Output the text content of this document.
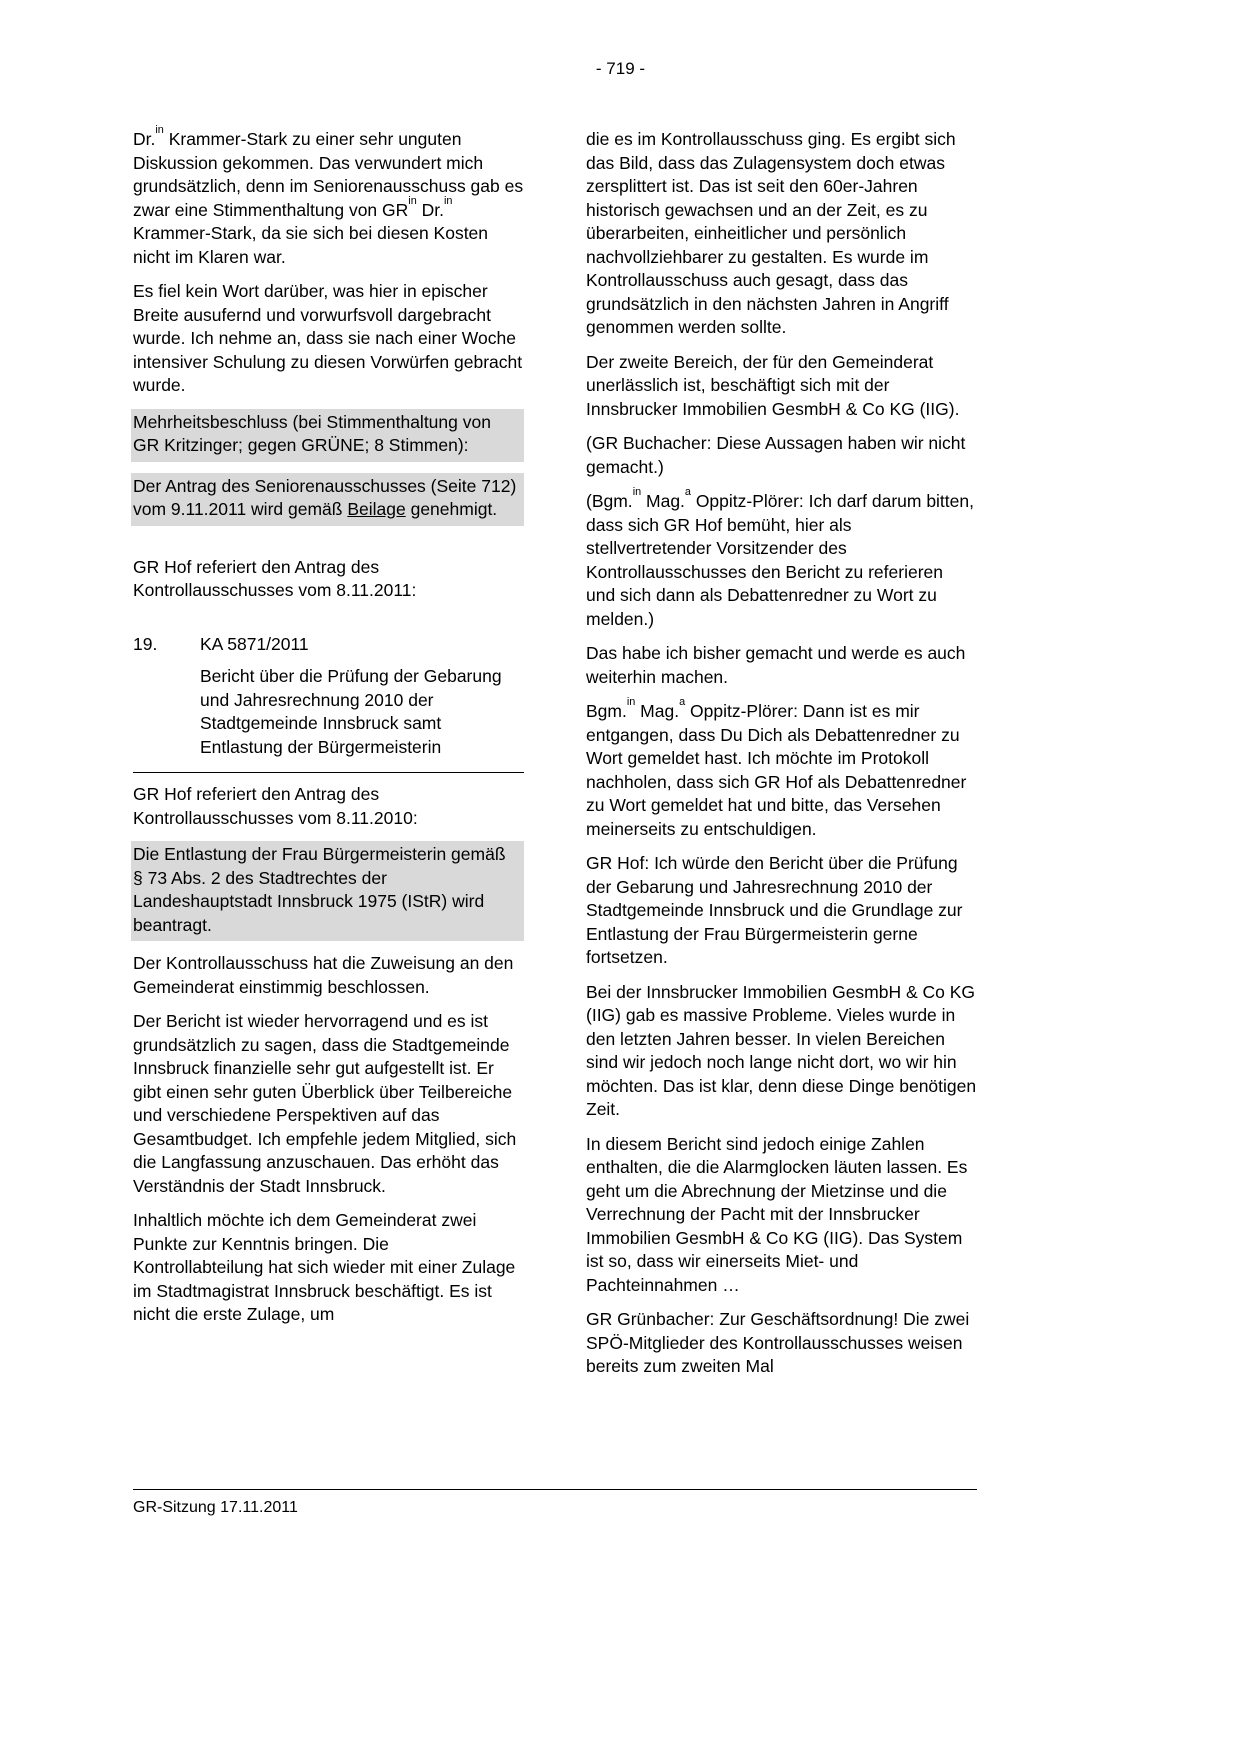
- 719 -

Dr.$^{in}$ Krammer-Stark zu einer sehr unguten Diskussion gekommen. Das verwundert mich grundsätzlich, denn im Seniorenausschuss gab es zwar eine Stimmenthaltung von $GR^{in}$ Dr.$^{in}$ Krammer-Stark, da sie sich bei diesen Kosten nicht im Klaren war.

Es fiel kein Wort darüber, was hier in epischer Breite ausufernd und vorwurfsvoll dargebracht wurde. Ich nehme an, dass sie nach einer Woche intensiver Schulung zu diesen Vorwürfen gebracht wurde.

Mehrheitsbeschluss (bei Stimmenthaltung von GR Kritzinger; gegen GRÜNE; 8 Stimmen):

Der Antrag des Seniorenausschusses (Seite 712) vom 9.11.2011 wird gemäß Beilage genehmigt.

GR Hof referiert den Antrag des Kontrollausschusses vom 8.11.2011:

19. KA 5871/2011
Bericht über die Prüfung der Gebarung und Jahresrechnung 2010 der Stadtgemeinde Innsbruck samt Entlastung der Bürgermeisterin

GR Hof referiert den Antrag des Kontrollausschusses vom 8.11.2010:

Die Entlastung der Frau Bürgermeisterin gemäß § 73 Abs. 2 des Stadtrechtes der Landeshauptstadt Innsbruck 1975 (IStR) wird beantragt.

Der Kontrollausschuss hat die Zuweisung an den Gemeinderat einstimmig beschlossen.

Der Bericht ist wieder hervorragend und es ist grundsätzlich zu sagen, dass die Stadtgemeinde Innsbruck finanzielle sehr gut aufgestellt ist. Er gibt einen sehr guten Überblick über Teilbereiche und verschiedene Perspektiven auf das Gesamtbudget. Ich empfehle jedem Mitglied, sich die Langfassung anzuschauen. Das erhöht das Verständnis der Stadt Innsbruck.

Inhaltlich möchte ich dem Gemeinderat zwei Punkte zur Kenntnis bringen. Die Kontrollabteilung hat sich wieder mit einer Zulage im Stadtmagistrat Innsbruck beschäftigt. Es ist nicht die erste Zulage, um

die es im Kontrollausschuss ging. Es ergibt sich das Bild, dass das Zulagensystem doch etwas zersplittert ist. Das ist seit den 60er-Jahren historisch gewachsen und an der Zeit, es zu überarbeiten, einheitlicher und persönlich nachvollziehbarer zu gestalten. Es wurde im Kontrollausschuss auch gesagt, dass das grundsätzlich in den nächsten Jahren in Angriff genommen werden sollte.

Der zweite Bereich, der für den Gemeinderat unerlässlich ist, beschäftigt sich mit der Innsbrucker Immobilien GesmbH & Co KG (IIG).

(GR Buchacher: Diese Aussagen haben wir nicht gemacht.)

(Bgm.$^{in}$ Mag.$^a$ Oppitz-Plörer: Ich darf darum bitten, dass sich GR Hof bemüht, hier als stellvertretender Vorsitzender des Kontrollausschusses den Bericht zu referieren und sich dann als Debattenredner zu Wort zu melden.)

Das habe ich bisher gemacht und werde es auch weiterhin machen.

Bgm.$^{in}$ Mag.$^a$ Oppitz-Plörer: Dann ist es mir entgangen, dass Du Dich als Debattenredner zu Wort gemeldet hast. Ich möchte im Protokoll nachholen, dass sich GR Hof als Debattenredner zu Wort gemeldet hat und bitte, das Versehen meinerseits zu entschuldigen.

GR Hof: Ich würde den Bericht über die Prüfung der Gebarung und Jahresrechnung 2010 der Stadtgemeinde Innsbruck und die Grundlage zur Entlastung der Frau Bürgermeisterin gerne fortsetzen.

Bei der Innsbrucker Immobilien GesmbH & Co KG (IIG) gab es massive Probleme. Vieles wurde in den letzten Jahren besser. In vielen Bereichen sind wir jedoch noch lange nicht dort, wo wir hin möchten. Das ist klar, denn diese Dinge benötigen Zeit.

In diesem Bericht sind jedoch einige Zahlen enthalten, die die Alarmglocken läuten lassen. Es geht um die Abrechnung der Mietzinse und die Verrechnung der Pacht mit der Innsbrucker Immobilien GesmbH & Co KG (IIG). Das System ist so, dass wir einerseits Miet- und Pachteinnahmen …

GR Grünbacher: Zur Geschäftsordnung! Die zwei SPÖ-Mitglieder des Kontrollausschusses weisen bereits zum zweiten Mal

GR-Sitzung 17.11.2011
